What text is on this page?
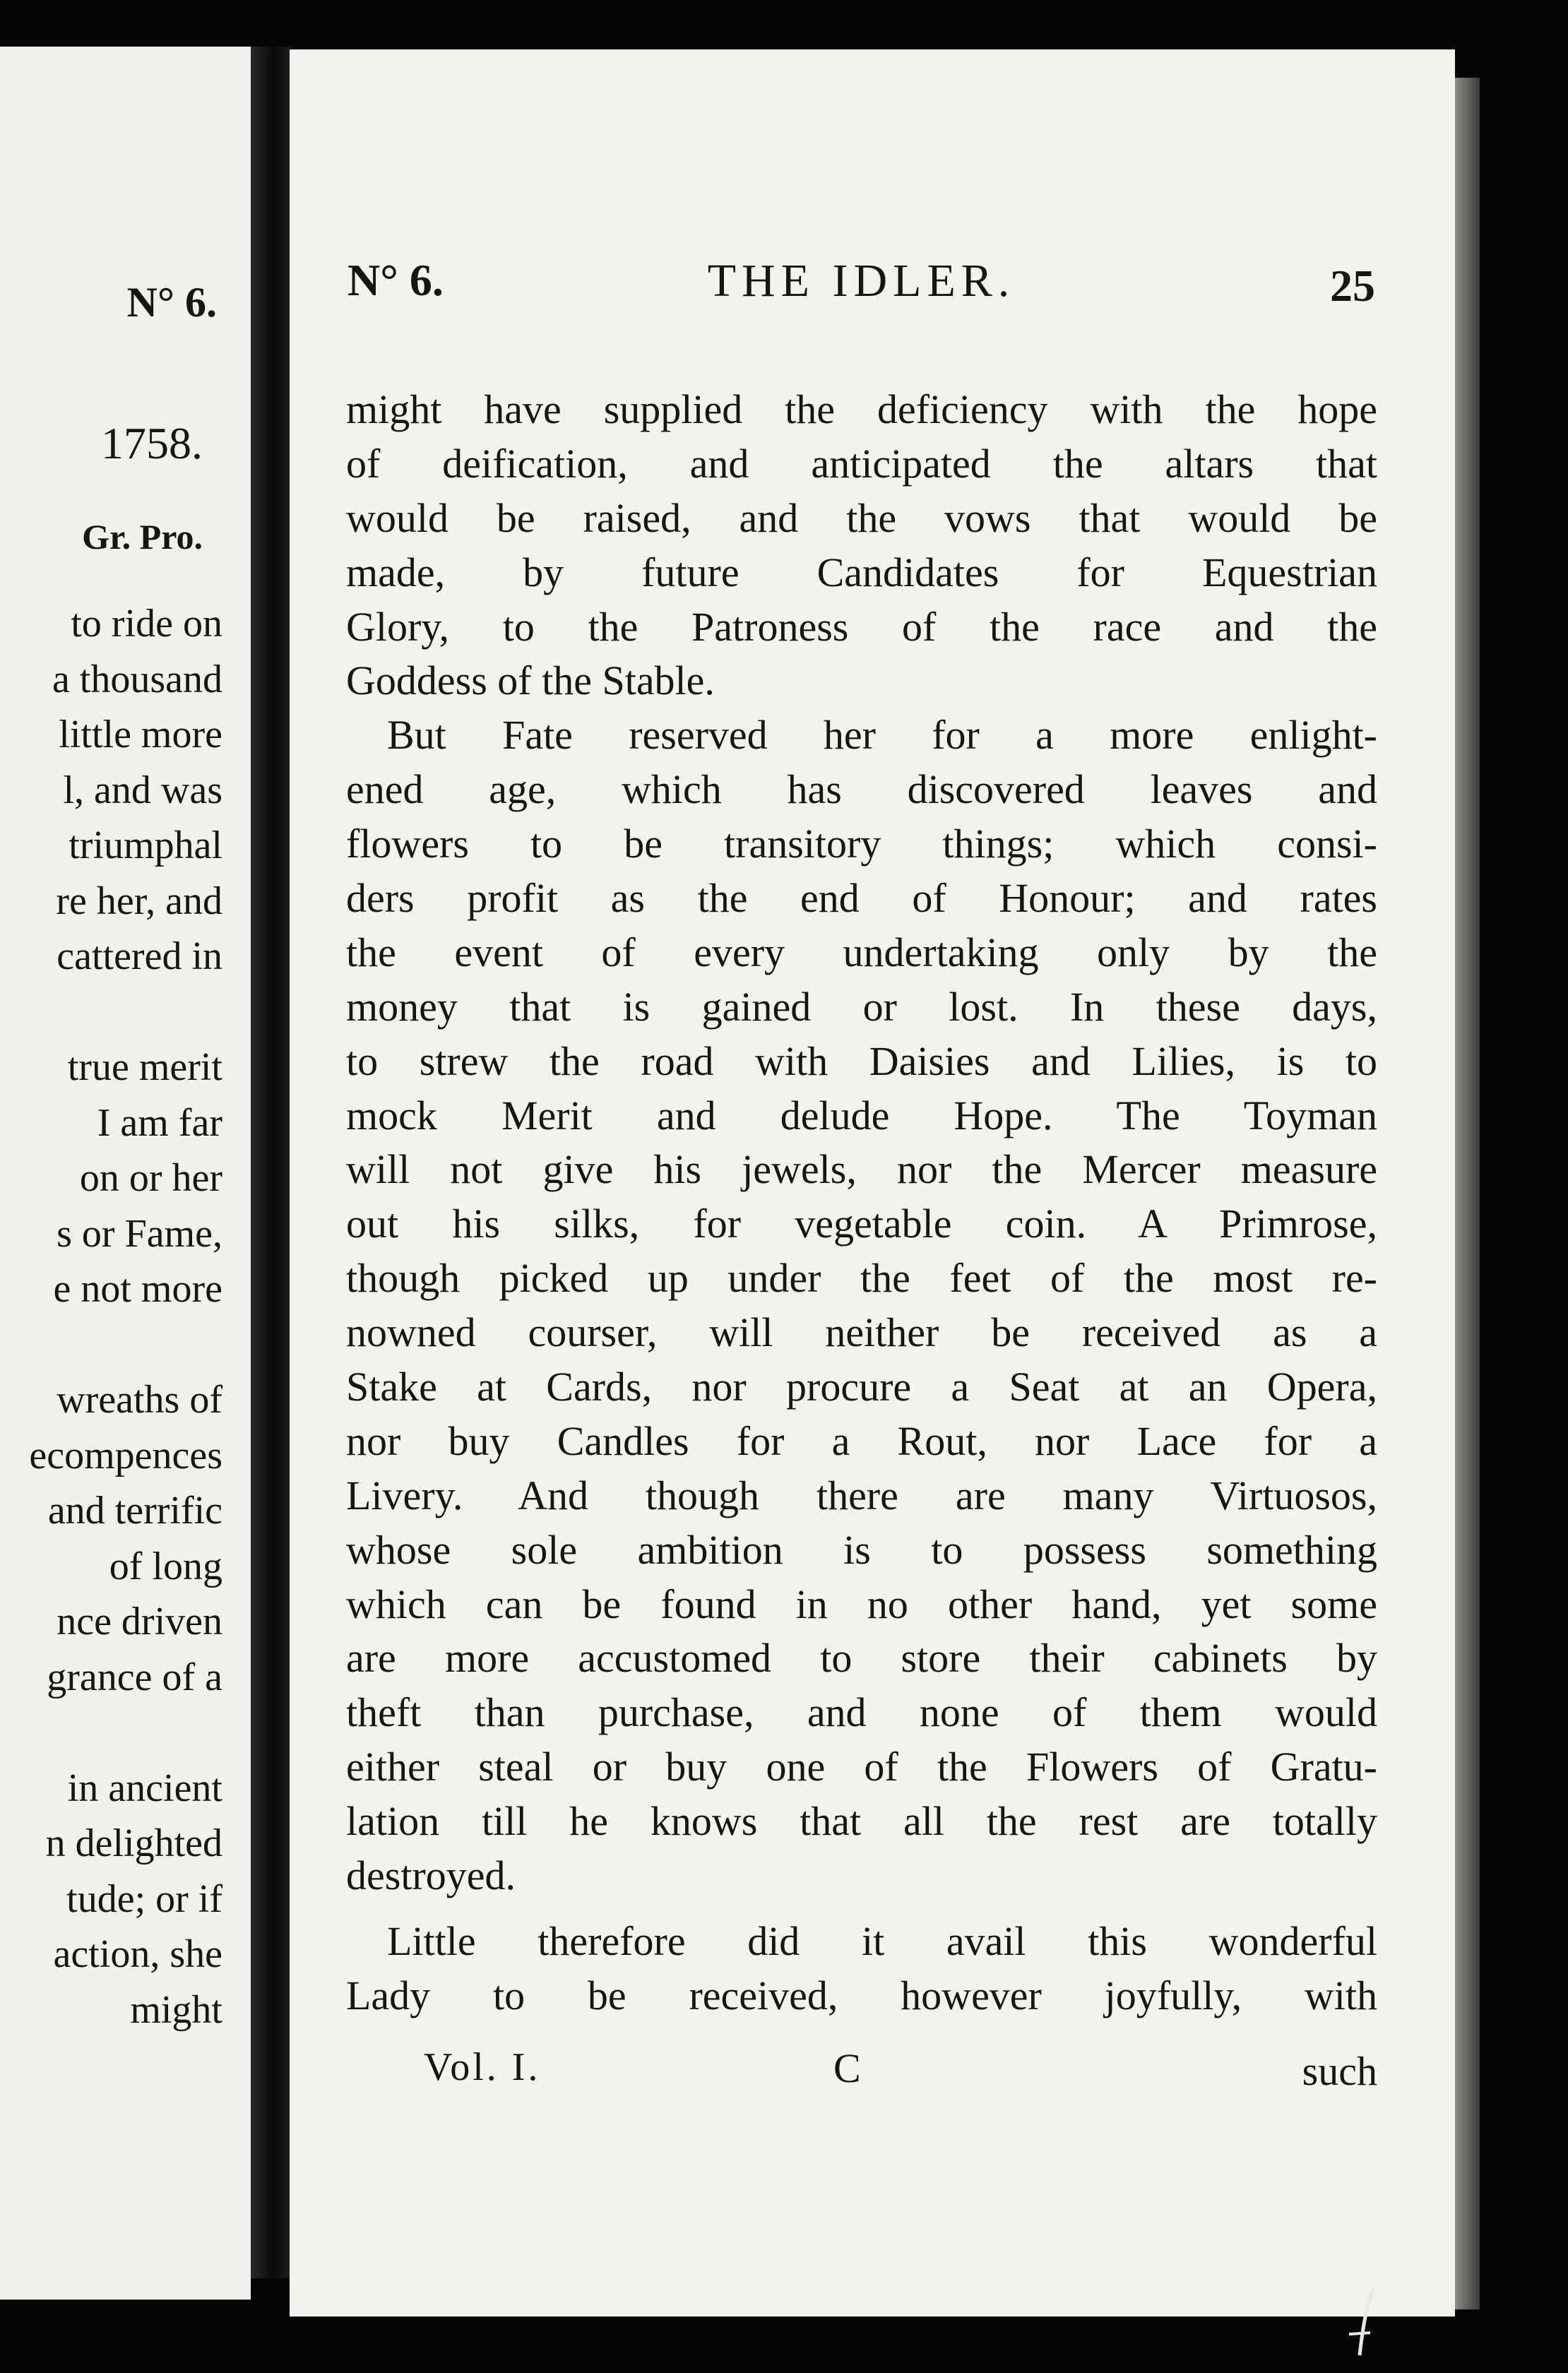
N° 6.
1758.
Gr. Pro.
to ride on
a thousand
little more
l, and was
triumphal
re her, and
cattered in
true merit
I am far
on or her
s or Fame,
e not more
wreaths of
ecompences
and terrific
of long
nce driven
grance of a
in ancient
n delighted
tude; or if
action, she
might
N° 6.	THE IDLER.	25
might have supplied the deficiency with the hope
of deification, and anticipated the altars that
would be raised, and the vows that would be
made, by future Candidates for Equestrian
Glory, to the Patroness of the race and the
Goddess of the Stable.
But Fate reserved her for a more enlight-
ened age, which has discovered leaves and
flowers to be transitory things; which consi-
ders profit as the end of Honour; and rates
the event of every undertaking only by the
money that is gained or lost. In these days,
to strew the road with Daisies and Lilies, is to
mock Merit and delude Hope. The Toyman
will not give his jewels, nor the Mercer measure
out his silks, for vegetable coin. A Primrose,
though picked up under the feet of the most re-
nowned courser, will neither be received as a
Stake at Cards, nor procure a Seat at an Opera,
nor buy Candles for a Rout, nor Lace for a
Livery. And though there are many Virtuosos,
whose sole ambition is to possess something
which can be found in no other hand, yet some
are more accustomed to store their cabinets by
theft than purchase, and none of them would
either steal or buy one of the Flowers of Gratu-
lation till he knows that all the rest are totally
destroyed.
Little therefore did it avail this wonderful
Lady to be received, however joyfully, with
Vol. I.	C	such
